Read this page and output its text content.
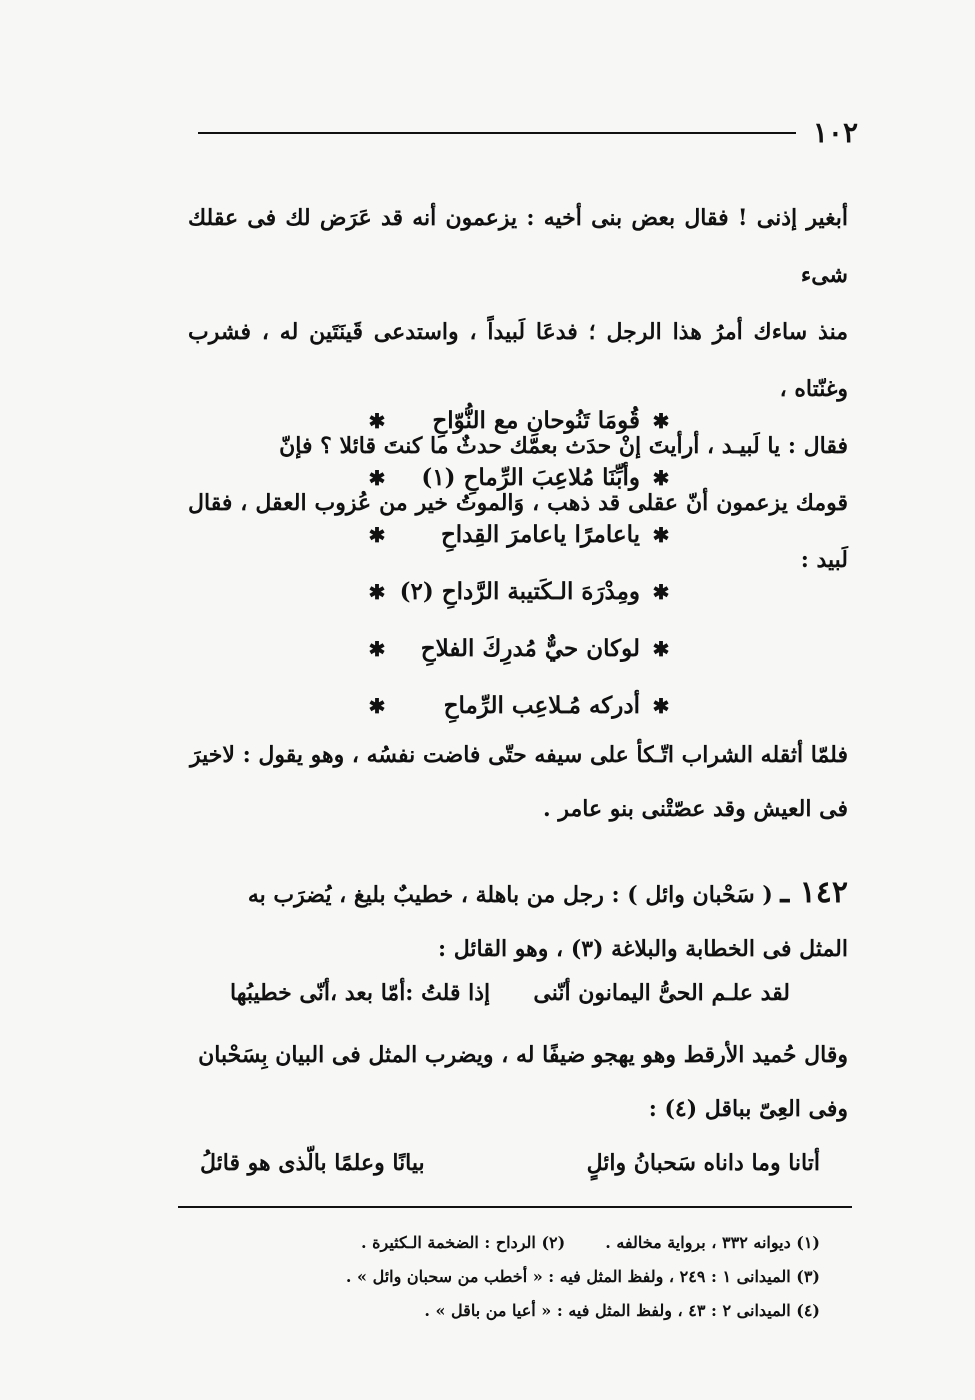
١٠٢

أبغير إذنى ! فقال بعض بنى أخيه : يزعمون أنه قد عَرَض لك فى عقلك شىء

منذ ساءك أمرُ هذا الرجل ؛ فدعَا لَبيداً ، واستدعى قَينَتَين له ، فشرب وغنّتاه ،

فقال : يا لَبيـد ، أرأيتَ إنْ حدَث بعمّك حدثٌ ما كنتَ قائلا ؟ فإنّ

قومك يزعمون أنّ عقلى قد ذهب ، وَالموتُ خير من عُزوب العقل ، فقال لَبيد :

✱
قُومَا تَنُوحانِ مع النُّوّاحِ
✱
✱
وأبِّنَا مُلاعِبَ الرِّماحِ (١)
✱
✱
ياعامرًا ياعامرَ القِداحِ
✱
✱
ومِدْرَهَ الـكَتيبة الرَّداحِ (٢)
✱
✱
لوكان حيٌّ مُدرِكَ الفلاحِ
✱
✱
أدركه مُـلاعِب الرِّماحِ
✱

فلمّا أثقله الشراب اتّـكأ على سيفه حتّى فاضت نفسُه ، وهو يقول : لاخيرَ

فى العيش وقد عصّتْنى بنو عامر .

١٤٢ ـ ( سَحْبان وائل ) : رجل من باهلة ، خطيبٌ بليغ ، يُضرَب به

المثل فى الخطابة والبلاغة (٣) ، وهو القائل :

لقد علـم الحىُّ اليمانون أنّنى
إذا قلتُ :أمّا بعد ،أنّى خطيبُها

وقال حُميد الأرقط وهو يهجو ضيفًا له ، ويضرب المثل فى البيان بِسَحْبان

وفى العِىّ بباقل (٤) :

أتانا وما داناه سَحبانُ وائلٍ
بيانًا وعلمًا بالّذى هو قائلُ
(١) ديوانه ٣٣٢ ، برواية مخالفه .
(٢) الرداح : الضخمة الـكثيرة .
(٣) الميدانى ١ : ٢٤٩ ، ولفظ المثل فيه : « أخطب من سحبان وائل » .
(٤) الميدانى ٢ : ٤٣ ، ولفظ المثل فيه : « أعيا من باقل » .
